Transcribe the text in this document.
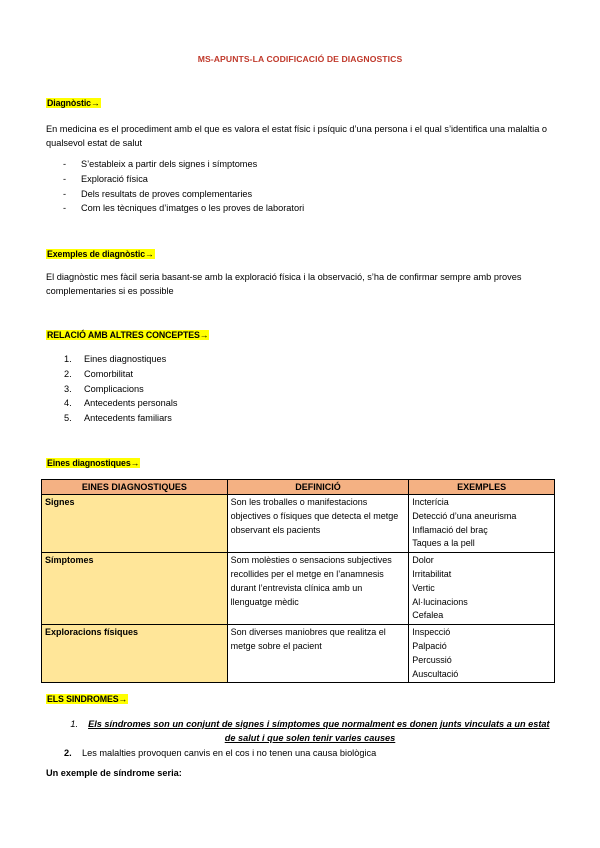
MS-APUNTS-LA CODIFICACIÓ DE DIAGNOSTICS
Diagnòstic→
En medicina es el procediment amb el que es valora el estat físic i psíquic d’una persona i el qual s’identifica una malaltia o qualsevol estat de salut
- S’estableix a partir dels signes i símptomes
- Exploració física
- Dels resultats de proves complementaries
- Com les tècniques d’imatges o les proves de laboratori
Exemples de diagnòstic→
El diagnòstic mes fàcil seria basant-se amb la exploració física i la observació, s’ha de confirmar sempre amb proves complementaries si es possible
RELACIÓ AMB ALTRES CONCEPTES→
1. Eines diagnostiques
2. Comorbilitat
3. Complicacions
4. Antecedents personals
5. Antecedents familiars
Eines diagnostiques→
EINES DIAGNOSTIQUES	DEFINICIÓ	EXEMPLES
Signes	Son les troballes o manifestacions objectives o físiques que detecta el metge observant els pacients	Incterícia
Detecció d’una aneurisma
Inflamació del braç
Taques a la pell

Símptomes	Som molèsties o sensacions subjectives recollides per el metge en l’anamnesis durant l’entrevista clínica amb un llenguatge mèdic	Dolor
Irritabilitat
Vertic
Al·lucinacions
Cefalea

Exploracions físiques	Son diverses maniobres que realitza el metge sobre el pacient	Inspecció
Palpació
Percussió
Auscultació
ELS SINDROMES→
1. Els síndromes son un conjunt de signes i símptomes que normalment es donen junts vinculats a un estat de salut i que solen tenir varies causes
2. Les malalties provoquen canvis en el cos i no tenen una causa biològica
Un exemple de síndrome seria:
